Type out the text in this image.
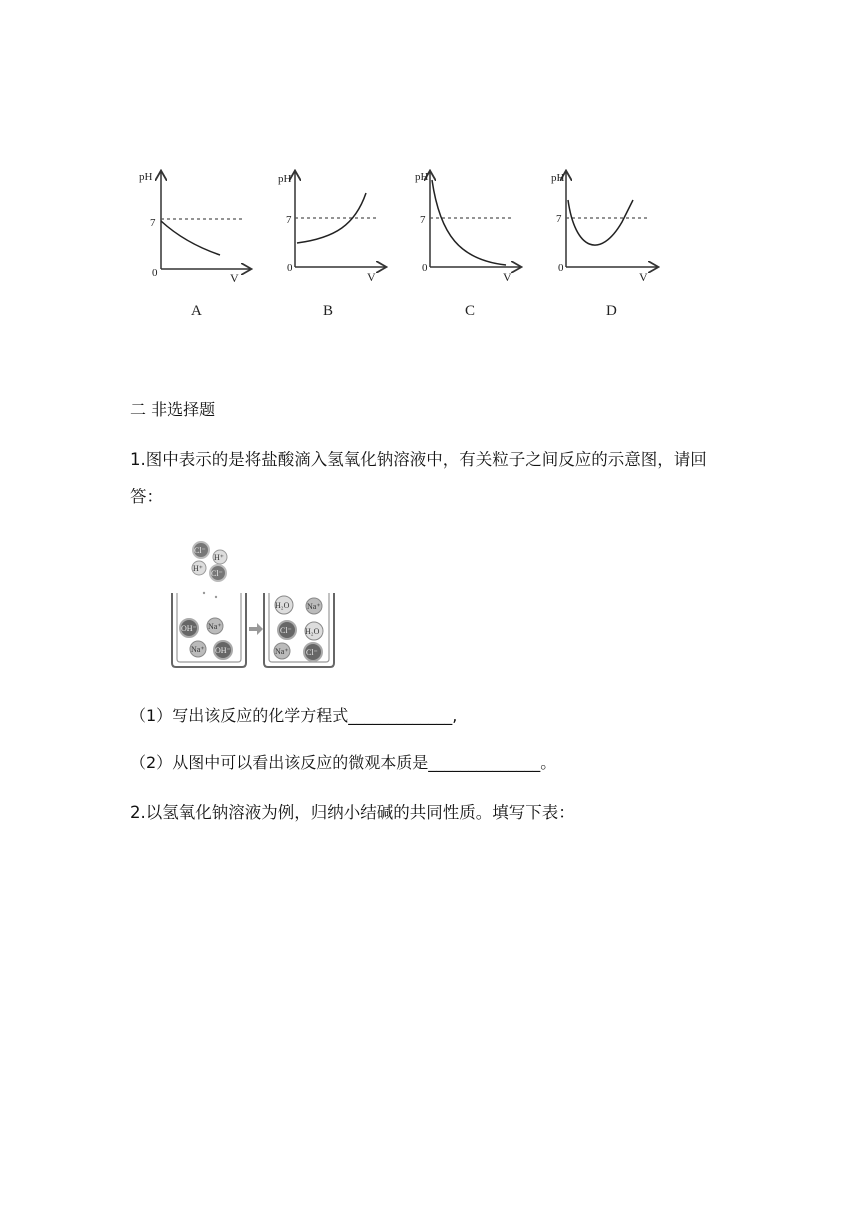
pH
7
0	V
A
pH
7
0
V
B
pH
7
0
V
C
pH
7
0
V
D
二 非选择题
1.图中表示的是将盐酸滴入氢氧化钠溶液中，有关粒子之间反应的示意图，请回
答：
Cl⁻
H⁺
H⁺
Cl⁻
OH⁻ Na⁺
Na⁺ OH⁻
H₂O Na⁺
Cl⁻ H₂O
Na⁺ Cl⁻
（1）写出该反应的化学方程式_____________,
（2）从图中可以看出该反应的微观本质是______________。
2.以氢氧化钠溶液为例，归纳小结碱的共同性质。填写下表：
